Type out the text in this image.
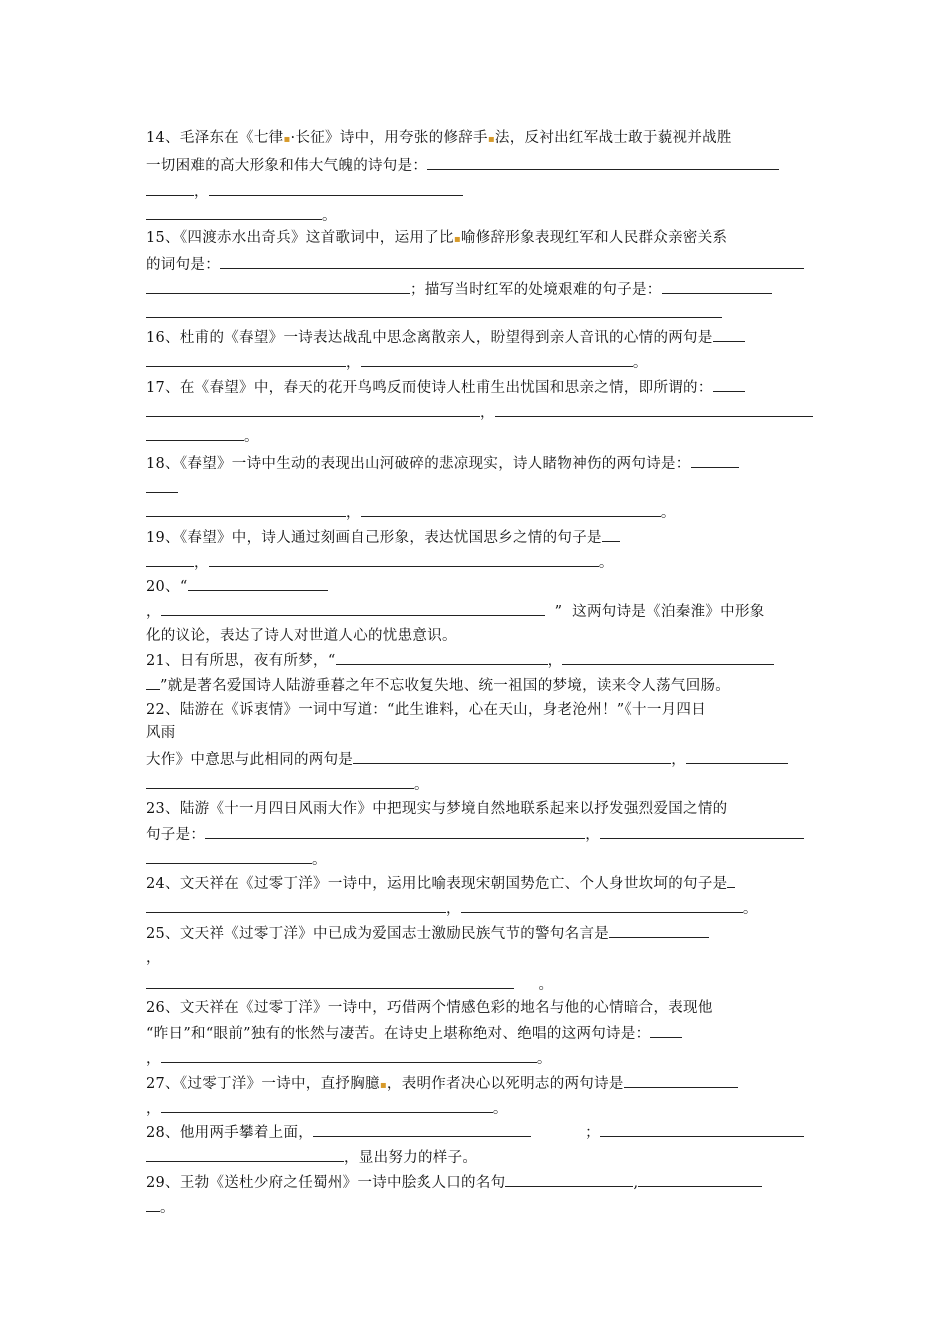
14、毛泽东在《七律▪·长征》诗中，用夸张的修辞手▪法，反衬出红军战士敢于藐视并战胜
一切困难的高大形象和伟大气魄的诗句是：
，
。
15、《四渡赤水出奇兵》这首歌词中，运用了比▪喻修辞形象表现红军和人民群众亲密关系
的词句是：
；描写当时红军的处境艰难的句子是：
16、杜甫的《春望》一诗表达战乱中思念离散亲人，盼望得到亲人音讯的心情的两句是
，	。
17、在《春望》中，春天的花开鸟鸣反而使诗人杜甫生出忧国和思亲之情，即所谓的：
，
。
18、《春望》一诗中生动的表现出山河破碎的悲凉现实，诗人睹物神伤的两句诗是：
，	。
19、《春望》中，诗人通过刻画自己形象，表达忧国思乡之情的句子是
，	。
20、“
，	”  这两句诗是《泊秦淮》中形象
化的议论，表达了诗人对世道人心的忧患意识。
21、日有所思，夜有所梦，“	，
”就是著名爱国诗人陆游垂暮之年不忘收复失地、统一祖国的梦境，读来令人荡气回肠。
22、陆游在《诉衷情》一词中写道：“此生谁料，心在天山，身老沧州！”《十一月四日
风雨
大作》中意思与此相同的两句是	，
。
23、陆游《十一月四日风雨大作》中把现实与梦境自然地联系起来以抒发强烈爱国之情的
句子是：	，
。
24、文天祥在《过零丁洋》一诗中，运用比喻表现宋朝国势危亡、个人身世坎坷的句子是
，	。
25、文天祥《过零丁洋》中已成为爱国志士激励民族气节的警句名言是
，
。
26、文天祥在《过零丁洋》一诗中，巧借两个情感色彩的地名与他的心情暗合，表现他
“昨日”和“眼前”独有的怅然与凄苦。在诗史上堪称绝对、绝唱的这两句诗是：
，	。
27、《过零丁洋》一诗中，直抒胸臆▪，表明作者决心以死明志的两句诗是
，	。
28、他用两手攀着上面，	；
，显出努力的样子。
29、王勃《送杜少府之任蜀州》一诗中脍炙人口的名句	,
。
